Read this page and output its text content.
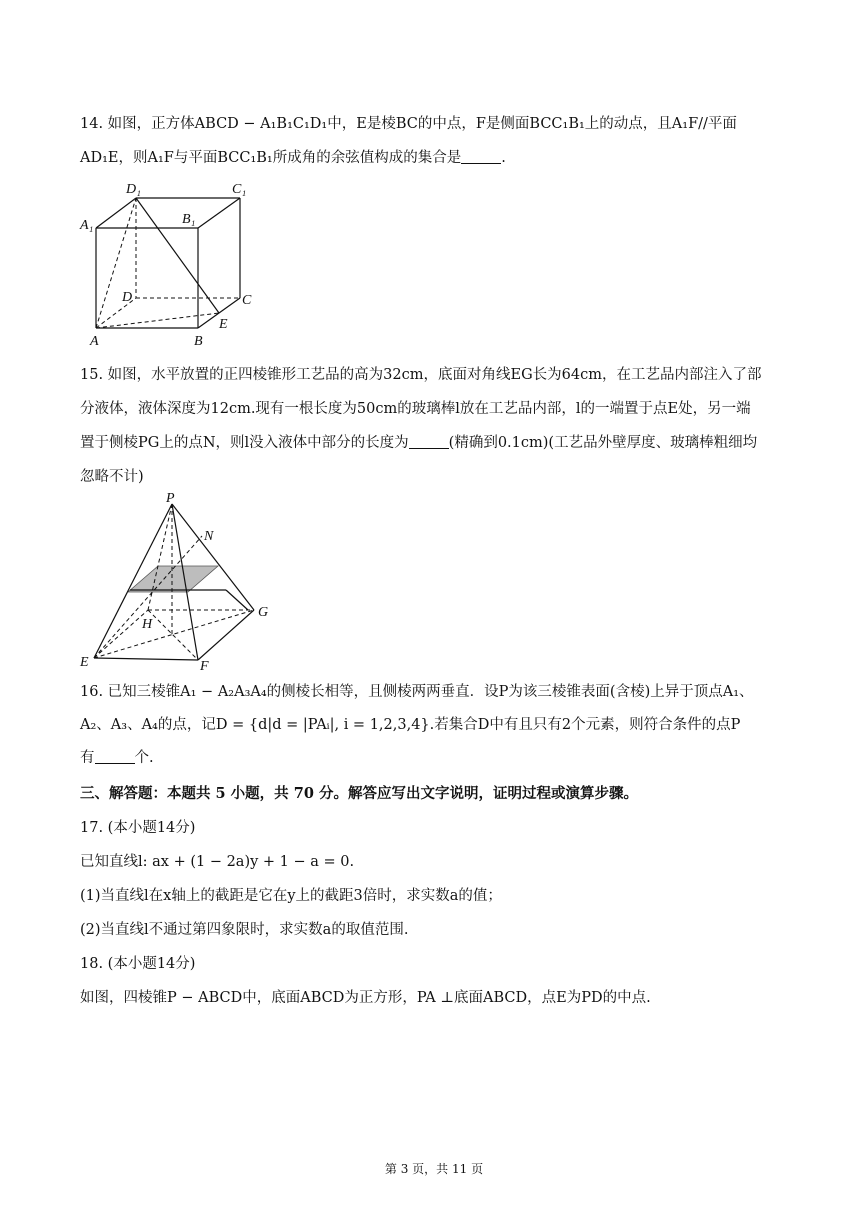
14. 如图，正方体ABCD − A₁B₁C₁D₁中，E是棱BC的中点，F是侧面BCC₁B₁上的动点，且A₁F//平面
AD₁E，则A₁F与平面BCC₁B₁所成角的余弦值构成的集合是	.
D₁	C₁
A₁	B₁
D	C
E
A	B
15. 如图，水平放置的正四棱锥形工艺品的高为32cm，底面对角线EG长为64cm，在工艺品内部注入了部
分液体，液体深度为12cm.现有一根长度为50cm的玻璃棒l放在工艺品内部，l的一端置于点E处，另一端
置于侧棱PG上的点N，则l没入液体中部分的长度为	(精确到0.1cm)(工艺品外壁厚度、玻璃棒粗细均
忽略不计)
P
N
G
H
E	F
16. 已知三棱锥A₁ − A₂A₃A₄的侧棱长相等，且侧棱两两垂直．设P为该三棱锥表面(含棱)上异于顶点A₁、
A₂、A₃、A₄的点，记D = {d|d = |PAᵢ|, i = 1,2,3,4}.若集合D中有且只有2个元素，则符合条件的点P
有	个.
三、解答题：本题共 5 小题，共 70 分。解答应写出文字说明，证明过程或演算步骤。
17. (本小题14分)
已知直线l: ax + (1 − 2a)y + 1 − a = 0.
(1)当直线l在x轴上的截距是它在y上的截距3倍时，求实数a的值；
(2)当直线l不通过第四象限时，求实数a的取值范围.
18. (本小题14分)
如图，四棱锥P − ABCD中，底面ABCD为正方形，PA ⊥底面ABCD，点E为PD的中点.
第 3 页，共 11 页
